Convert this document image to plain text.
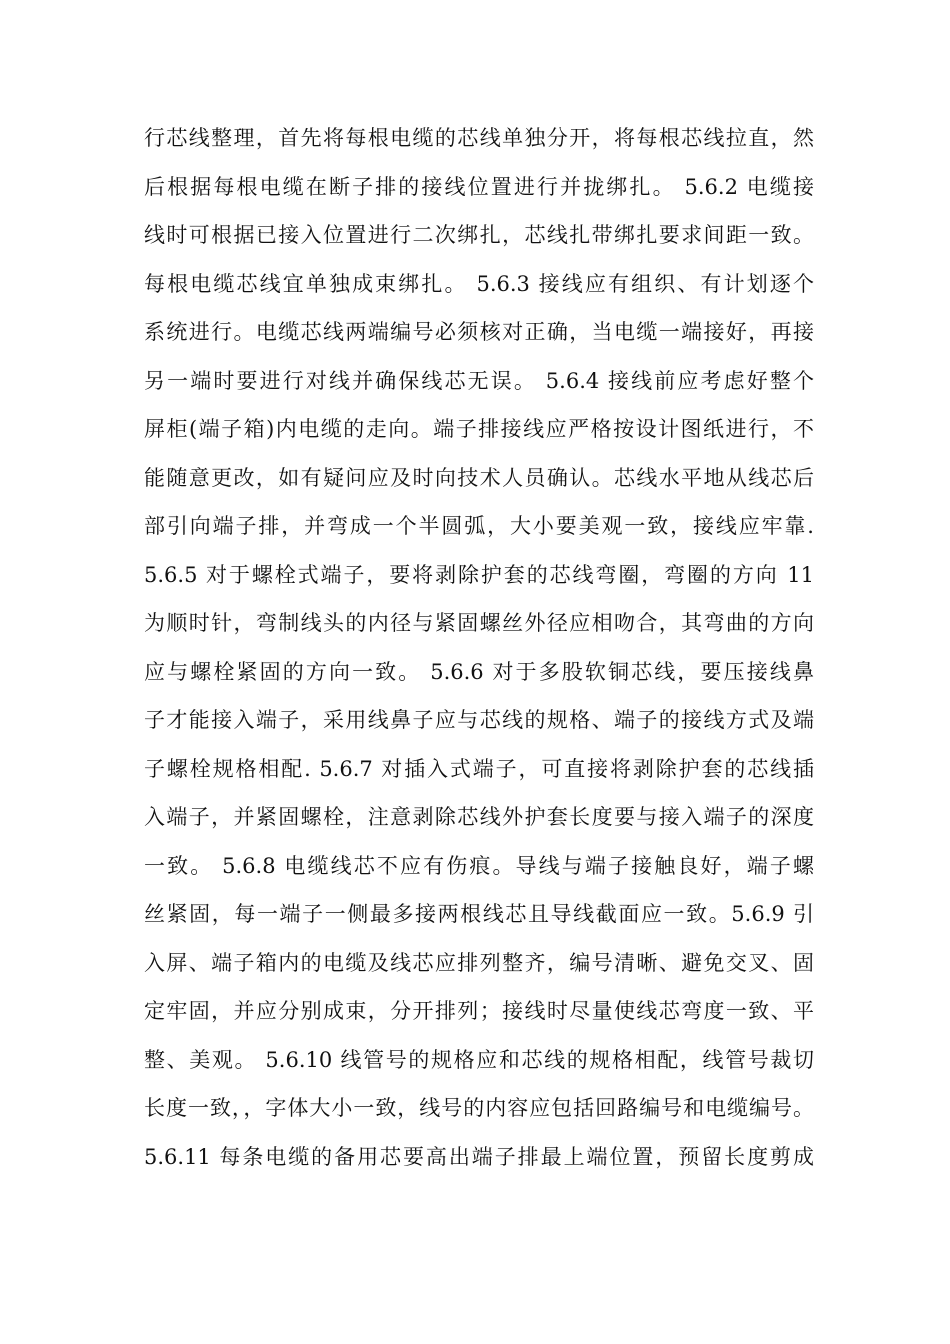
行芯线整理，首先将每根电缆的芯线单独分开，将每根芯线拉直，然
后根据每根电缆在断子排的接线位置进行并拢绑扎。 5.6.2 电缆接
线时可根据已接入位置进行二次绑扎，芯线扎带绑扎要求间距一致。
每根电缆芯线宜单独成束绑扎。 5.6.3 接线应有组织、有计划逐个
系统进行。电缆芯线两端编号必须核对正确，当电缆一端接好，再接
另一端时要进行对线并确保线芯无误。 5.6.4 接线前应考虑好整个
屏柜(端子箱)内电缆的走向。端子排接线应严格按设计图纸进行，不
能随意更改，如有疑问应及时向技术人员确认。芯线水平地从线芯后
部引向端子排，并弯成一个半圆弧，大小要美观一致，接线应牢靠.
5.6.5 对于螺栓式端子，要将剥除护套的芯线弯圈，弯圈的方向 11
为顺时针，弯制线头的内径与紧固螺丝外径应相吻合，其弯曲的方向
应与螺栓紧固的方向一致。 5.6.6 对于多股软铜芯线，要压接线鼻
子才能接入端子，采用线鼻子应与芯线的规格、端子的接线方式及端
子螺栓规格相配. 5.6.7 对插入式端子，可直接将剥除护套的芯线插
入端子，并紧固螺栓，注意剥除芯线外护套长度要与接入端子的深度
一致。 5.6.8 电缆线芯不应有伤痕。导线与端子接触良好，端子螺
丝紧固，每一端子一侧最多接两根线芯且导线截面应一致。5.6.9 引
入屏、端子箱内的电缆及线芯应排列整齐，编号清晰、避免交叉、固
定牢固，并应分别成束，分开排列；接线时尽量使线芯弯度一致、平
整、美观。 5.6.10 线管号的规格应和芯线的规格相配，线管号裁切
长度一致，，字体大小一致，线号的内容应包括回路编号和电缆编号。
5.6.11 每条电缆的备用芯要高出端子排最上端位置，预留长度剪成
